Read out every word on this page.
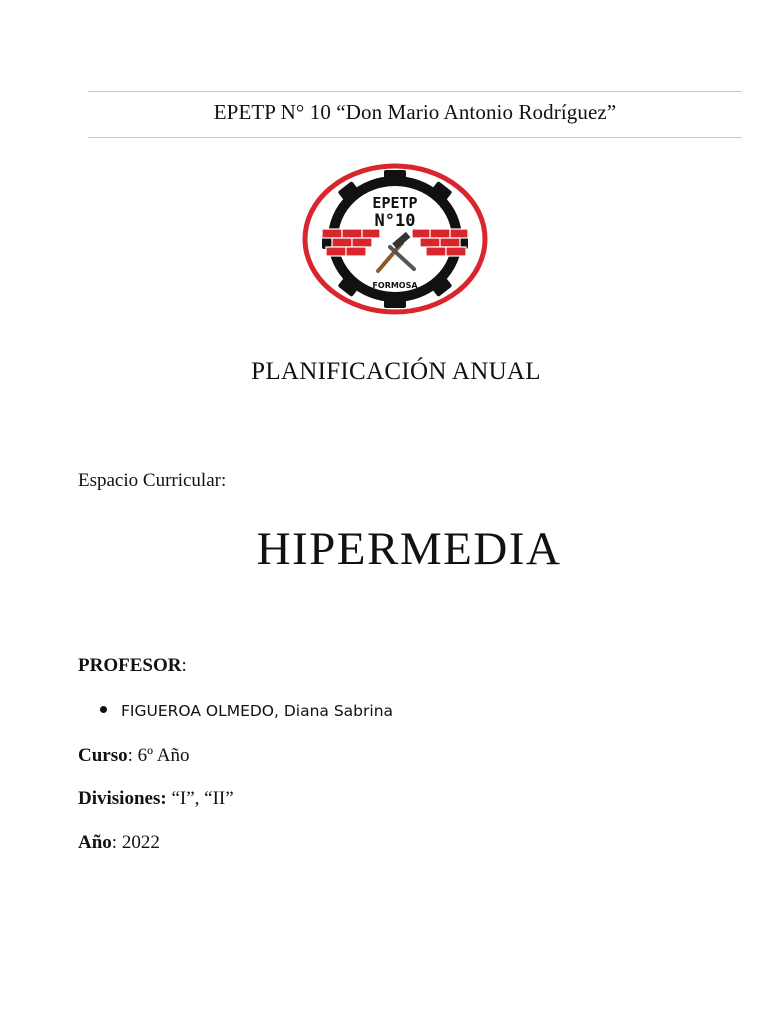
EPETP N° 10 “Don Mario Antonio Rodríguez”
EPETP
N°10
FORMOSA
PLANIFICACIÓN ANUAL
Espacio Curricular:
HIPERMEDIA
PROFESOR:
FIGUEROA OLMEDO, Diana Sabrina
Curso: 6º Año
Divisiones: “I”, “II”
Año: 2022
